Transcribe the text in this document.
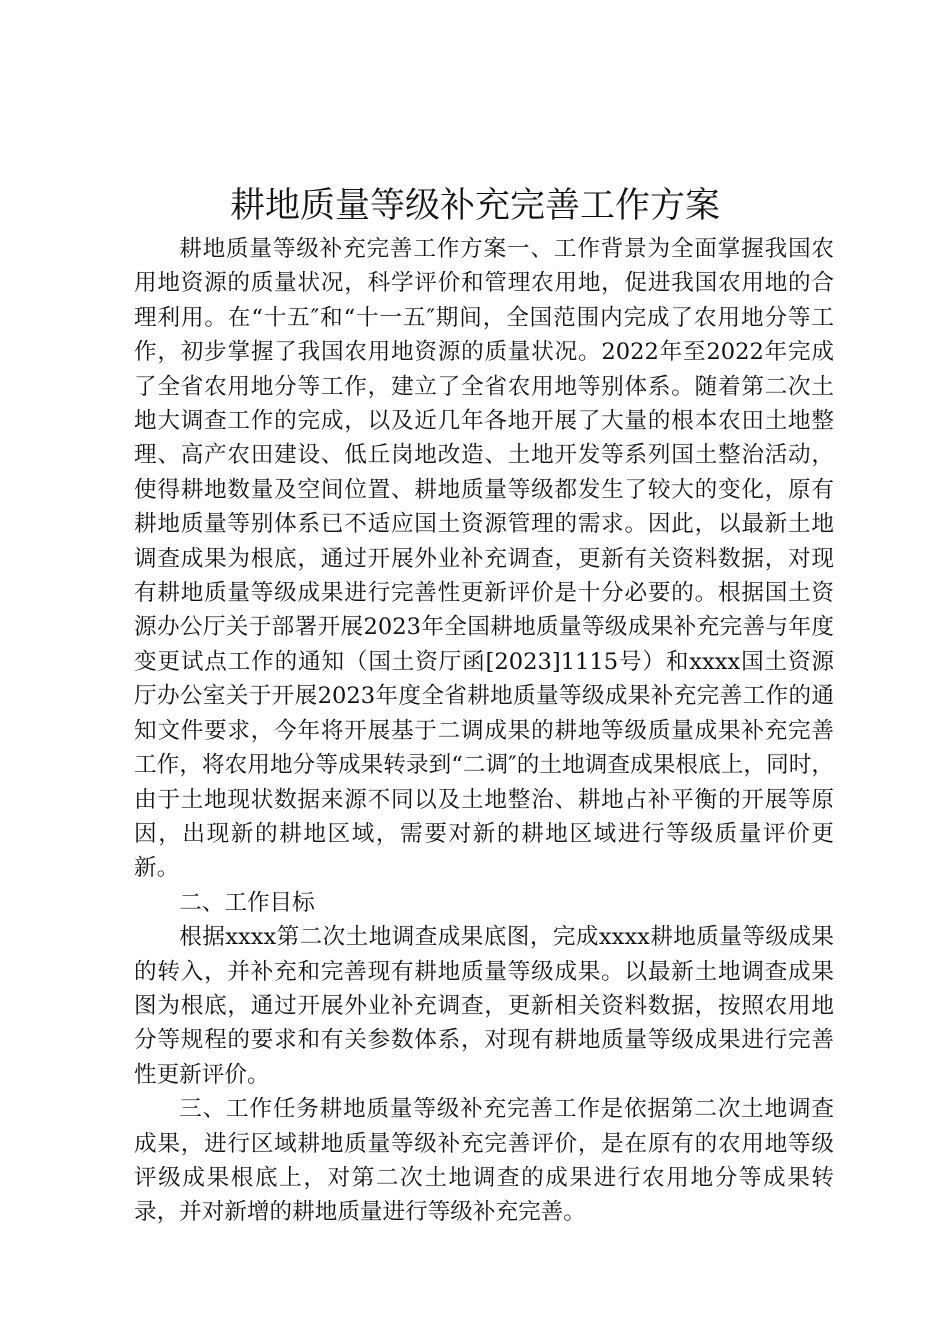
耕地质量等级补充完善工作方案

耕地质量等级补充完善工作方案一、工作背景为全面掌握我国农用地资源的质量状况，科学评价和管理农用地，促进我国农用地的合理利用。在“十五″和“十一五″期间，全国范围内完成了农用地分等工作，初步掌握了我国农用地资源的质量状况。2022年至2022年完成了全省农用地分等工作，建立了全省农用地等别体系。随着第二次土地大调查工作的完成，以及近几年各地开展了大量的根本农田土地整理、高产农田建设、低丘岗地改造、土地开发等系列国土整治活动，使得耕地数量及空间位置、耕地质量等级都发生了较大的变化，原有耕地质量等别体系已不适应国土资源管理的需求。因此，以最新土地调查成果为根底，通过开展外业补充调查，更新有关资料数据，对现有耕地质量等级成果进行完善性更新评价是十分必要的。根据国土资源办公厅关于部署开展2023年全国耕地质量等级成果补充完善与年度变更试点工作的通知（国土资厅函[2023]1115号）和xxxx国土资源厅办公室关于开展2023年度全省耕地质量等级成果补充完善工作的通知文件要求，今年将开展基于二调成果的耕地等级质量成果补充完善工作，将农用地分等成果转录到“二调″的土地调查成果根底上，同时，由于土地现状数据来源不同以及土地整治、耕地占补平衡的开展等原因，出现新的耕地区域，需要对新的耕地区域进行等级质量评价更新。

二、工作目标

根据xxxx第二次土地调查成果底图，完成xxxx耕地质量等级成果的转入，并补充和完善现有耕地质量等级成果。以最新土地调查成果图为根底，通过开展外业补充调查，更新相关资料数据，按照农用地分等规程的要求和有关参数体系，对现有耕地质量等级成果进行完善性更新评价。

三、工作任务耕地质量等级补充完善工作是依据第二次土地调查成果，进行区域耕地质量等级补充完善评价，是在原有的农用地等级评级成果根底上，对第二次土地调查的成果进行农用地分等成果转录，并对新增的耕地质量进行等级补充完善。
